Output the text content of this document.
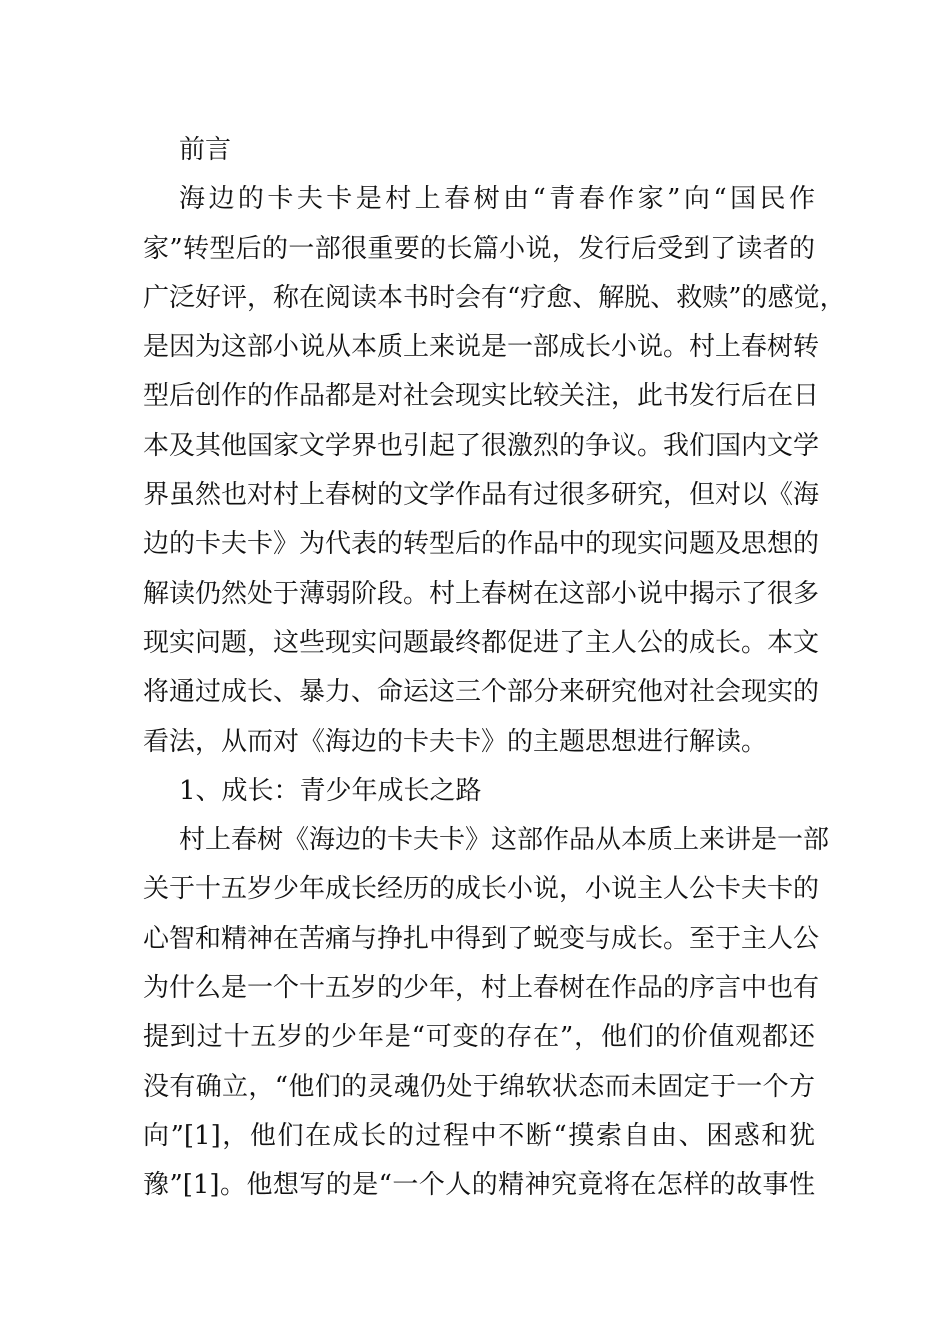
前言
海边的卡夫卡是村上春树由“青春作家”向“国民作
家”转型后的一部很重要的长篇小说，发行后受到了读者的
广泛好评，称在阅读本书时会有“疗愈、解脱、救赎”的感觉，
是因为这部小说从本质上来说是一部成长小说。村上春树转
型后创作的作品都是对社会现实比较关注，此书发行后在日
本及其他国家文学界也引起了很激烈的争议。我们国内文学
界虽然也对村上春树的文学作品有过很多研究，但对以《海
边的卡夫卡》为代表的转型后的作品中的现实问题及思想的
解读仍然处于薄弱阶段。村上春树在这部小说中揭示了很多
现实问题，这些现实问题最终都促进了主人公的成长。本文
将通过成长、暴力、命运这三个部分来研究他对社会现实的
看法，从而对《海边的卡夫卡》的主题思想进行解读。
1、成长：青少年成长之路
村上春树《海边的卡夫卡》这部作品从本质上来讲是一部
关于十五岁少年成长经历的成长小说，小说主人公卡夫卡的
心智和精神在苦痛与挣扎中得到了蜕变与成长。至于主人公
为什么是一个十五岁的少年，村上春树在作品的序言中也有
提到过十五岁的少年是“可变的存在”，他们的价值观都还
没有确立，“他们的灵魂仍处于绵软状态而未固定于一个方
向”[1]，他们在成长的过程中不断“摸索自由、困惑和犹
豫”[1]。他想写的是“一个人的精神究竟将在怎样的故事性
